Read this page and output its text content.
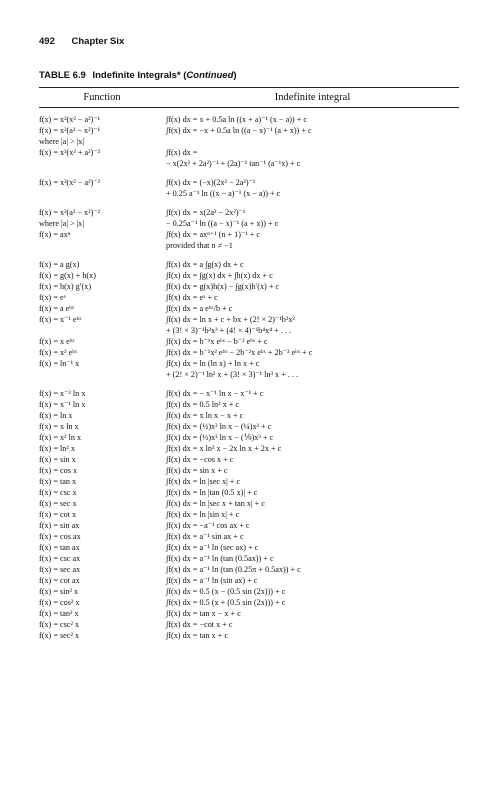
492 Chapter Six
TABLE 6.9 Indefinite Integrals* (Continued)
Function	Indefinite integral
f(x) = x²(x² − a²)⁻¹	∫f(x) dx = x + 0.5a ln ((x + a)⁻¹ (x − a)) + c
f(x) = x²(a² − x²)⁻¹	∫f(x) dx = −x + 0.5a ln ((a − x)⁻¹ (a + x)) + c
where |a| > |x|
f(x) = x²(x² + a²)⁻²	∫f(x) dx =
− x(2x² + 2a²)⁻¹ + (2a)⁻¹ tan⁻¹ (a⁻¹x) + c
f(x) = x²(x² − a²)⁻²	∫f(x) dx = (−x)(2x² − 2a²)⁻¹
+ 0.25 a⁻¹ ln ((x − a)⁻¹ (x − a)) + c
f(x) = x²(a² − x²)⁻²	∫f(x) dx = x(2a² − 2x²)⁻¹
where |a| > |x|	− 0.25a⁻¹ ln ((a − x)⁻¹ (a + x)) + c
f(x) = axⁿ	∫f(x) dx = axⁿ⁺¹ (n + 1)⁻¹ + c
provided that n ≠ −1
f(x) = a g(x)	∫f(x) dx = a ∫g(x) dx + c
f(x) = g(x) + h(x)	∫f(x) dx = ∫g(x) dx + ∫h(x) dx + c
f(x) = h(x) g′(x)	∫f(x) dx = g(x)h(x) − ∫g(x)h′(x) + c
f(x) = eˣ	∫f(x) dx = eˣ + c
f(x) = a eᵇˣ	∫f(x) dx = a eᵇˣ/b + c
f(x) = x⁻¹ eᵇˣ	∫f(x) dx = ln x + c + bx + (2! × 2)⁻¹b²x²
+ (3! × 3)⁻¹b³x³ + (4! × 4)⁻¹b⁴x⁴ + . . .
f(x) = x eᵇˣ	∫f(x) dx = b⁻¹x eᵇˣ − b⁻² eᵇˣ + c
f(x) = x² eᵇˣ	∫f(x) dx = b⁻¹x² eᵇˣ − 2b⁻²x eᵇˣ + 2b⁻³ eᵇˣ + c
f(x) = ln⁻¹ x	∫f(x) dx = ln (ln x) + ln x + c
+ (2! × 2)⁻¹ ln² x + (3! × 3)⁻¹ ln³ x + . . .
f(x) = x⁻² ln x	∫f(x) dx = − x⁻¹ ln x − x⁻¹ + c
f(x) = x⁻¹ ln x	∫f(x) dx = 0.5 ln² x + c
f(x) = ln x	∫f(x) dx = x ln x − x + c
f(x) = x ln x	∫f(x) dx = (½)x² ln x − (¼)x² + c
f(x) = x² ln x	∫f(x) dx = (⅓)x³ ln x − (⅑)x³ + c
f(x) = ln² x	∫f(x) dx = x ln² x − 2x ln x + 2x + c
f(x) = sin x	∫f(x) dx = −cos x + c
f(x) = cos x	∫f(x) dx = sin x + c
f(x) = tan x	∫f(x) dx = ln |sec x| + c
f(x) = csc x	∫f(x) dx = ln |tan (0.5 x)| + c
f(x) = sec x	∫f(x) dx = ln |sec x + tan x| + c
f(x) = cot x	∫f(x) dx = ln |sin x| + c
f(x) = sin ax	∫f(x) dx = −a⁻¹ cos ax + c
f(x) = cos ax	∫f(x) dx = a⁻¹ sin ax + c
f(x) = tan ax	∫f(x) dx = a⁻¹ ln (sec ax) + c
f(x) = csc ax	∫f(x) dx = a⁻¹ ln (tan (0.5ax)) + c
f(x) = sec ax	∫f(x) dx = a⁻¹ ln (tan (0.25π + 0.5ax)) + c
f(x) = cot ax	∫f(x) dx = a⁻¹ ln (sin ax) + c
f(x) = sin² x	∫f(x) dx = 0.5 (x − (0.5 sin (2x))) + c
f(x) = cos² x	∫f(x) dx = 0.5 (x + (0.5 sin (2x))) + c
f(x) = tan² x	∫f(x) dx = tan x − x + c
f(x) = csc² x	∫f(x) dx = −cot x + c
f(x) = sec² x	∫f(x) dx = tan x + c
